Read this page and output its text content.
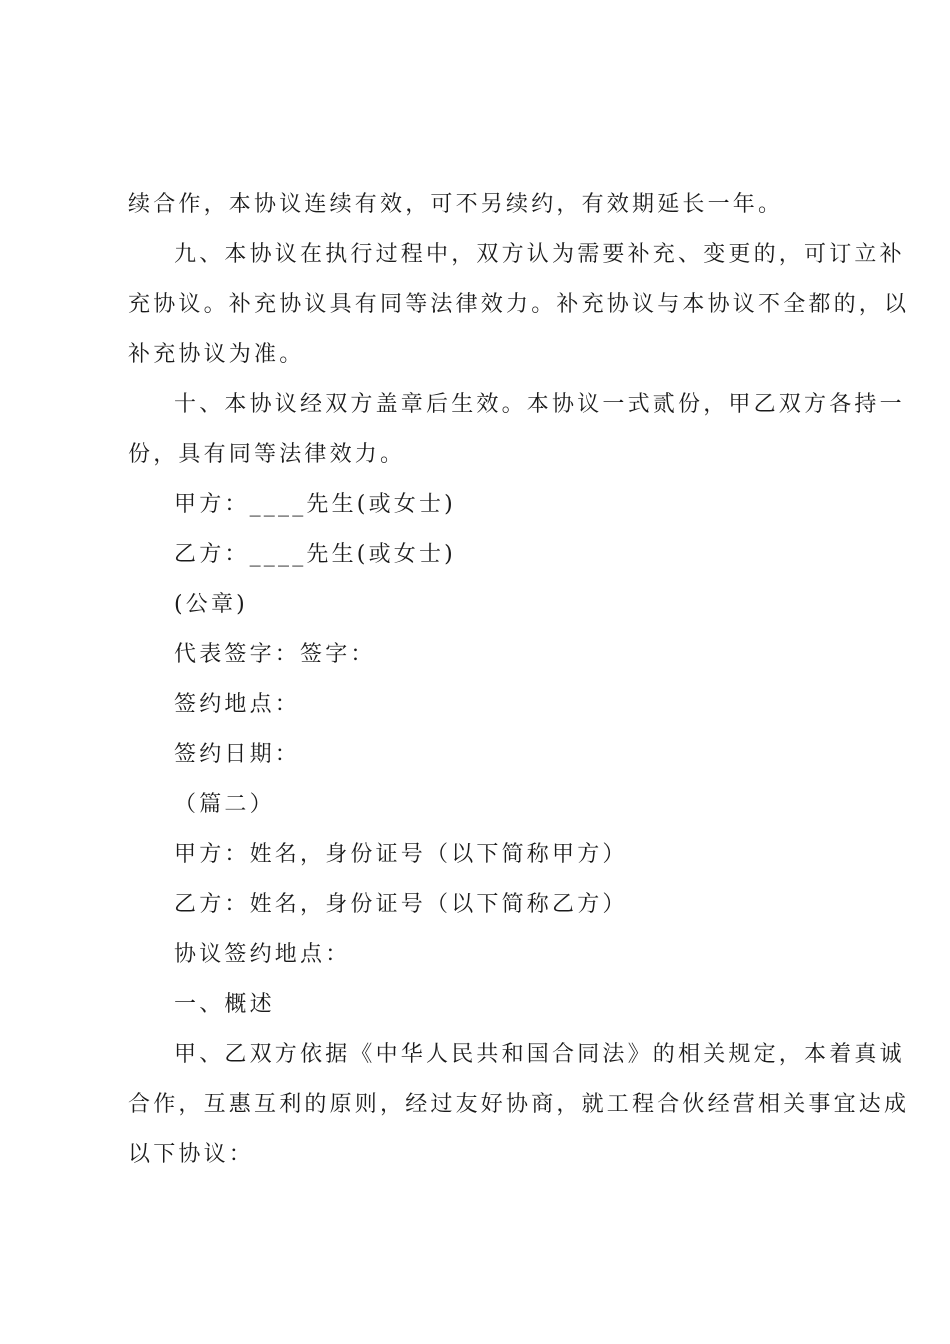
续合作，本协议连续有效，可不另续约，有效期延长一年。
九、本协议在执行过程中，双方认为需要补充、变更的，可订立补
充协议。补充协议具有同等法律效力。补充协议与本协议不全都的，以
补充协议为准。
十、本协议经双方盖章后生效。本协议一式贰份，甲乙双方各持一
份，具有同等法律效力。
甲方：____先生(或女士)
乙方：____先生(或女士)
(公章)
代表签字：签字：
签约地点：
签约日期：
（篇二）
甲方：姓名，身份证号（以下简称甲方）
乙方：姓名，身份证号（以下简称乙方）
协议签约地点：
一、概述
甲、乙双方依据《中华人民共和国合同法》的相关规定，本着真诚
合作，互惠互利的原则，经过友好协商，就工程合伙经营相关事宜达成
以下协议：
